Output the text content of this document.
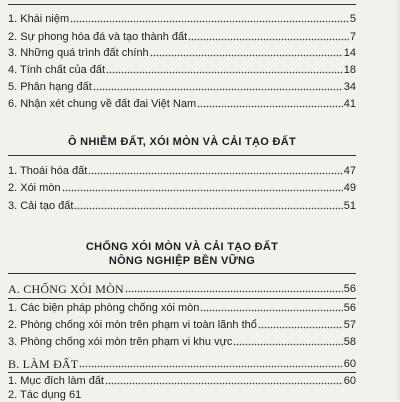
1. Khái niệm	5
2. Sự phong hóa đá và tạo thành đất	7
3. Những quá trình đất chính	14
4. Tính chất của đất	18
5. Phân hạng đất	34
6. Nhận xét chung về đất đai Việt Nam	41
Ô NHIỄM ĐẤT, XÓI MÒN VÀ CẢI TẠO ĐẤT
1. Thoái hóa đất	47
2. Xói mòn	49
3. Cải tạo đất	51
CHỐNG XÓI MÒN VÀ CẢI TẠO ĐẤT
NÔNG NGHIỆP BỀN VỮNG
A. CHỐNG XÓI MÒN	56
1. Các biện pháp phòng chống xói mòn	56
2. Phòng chống xói mòn trên phạm vi toàn lãnh thổ	57
3. Phòng chống xói mòn trên phạm vi khu vực	58
B. LÀM ĐẤT	60
1. Mục đích làm đất	60
2. Tác dụng 61
